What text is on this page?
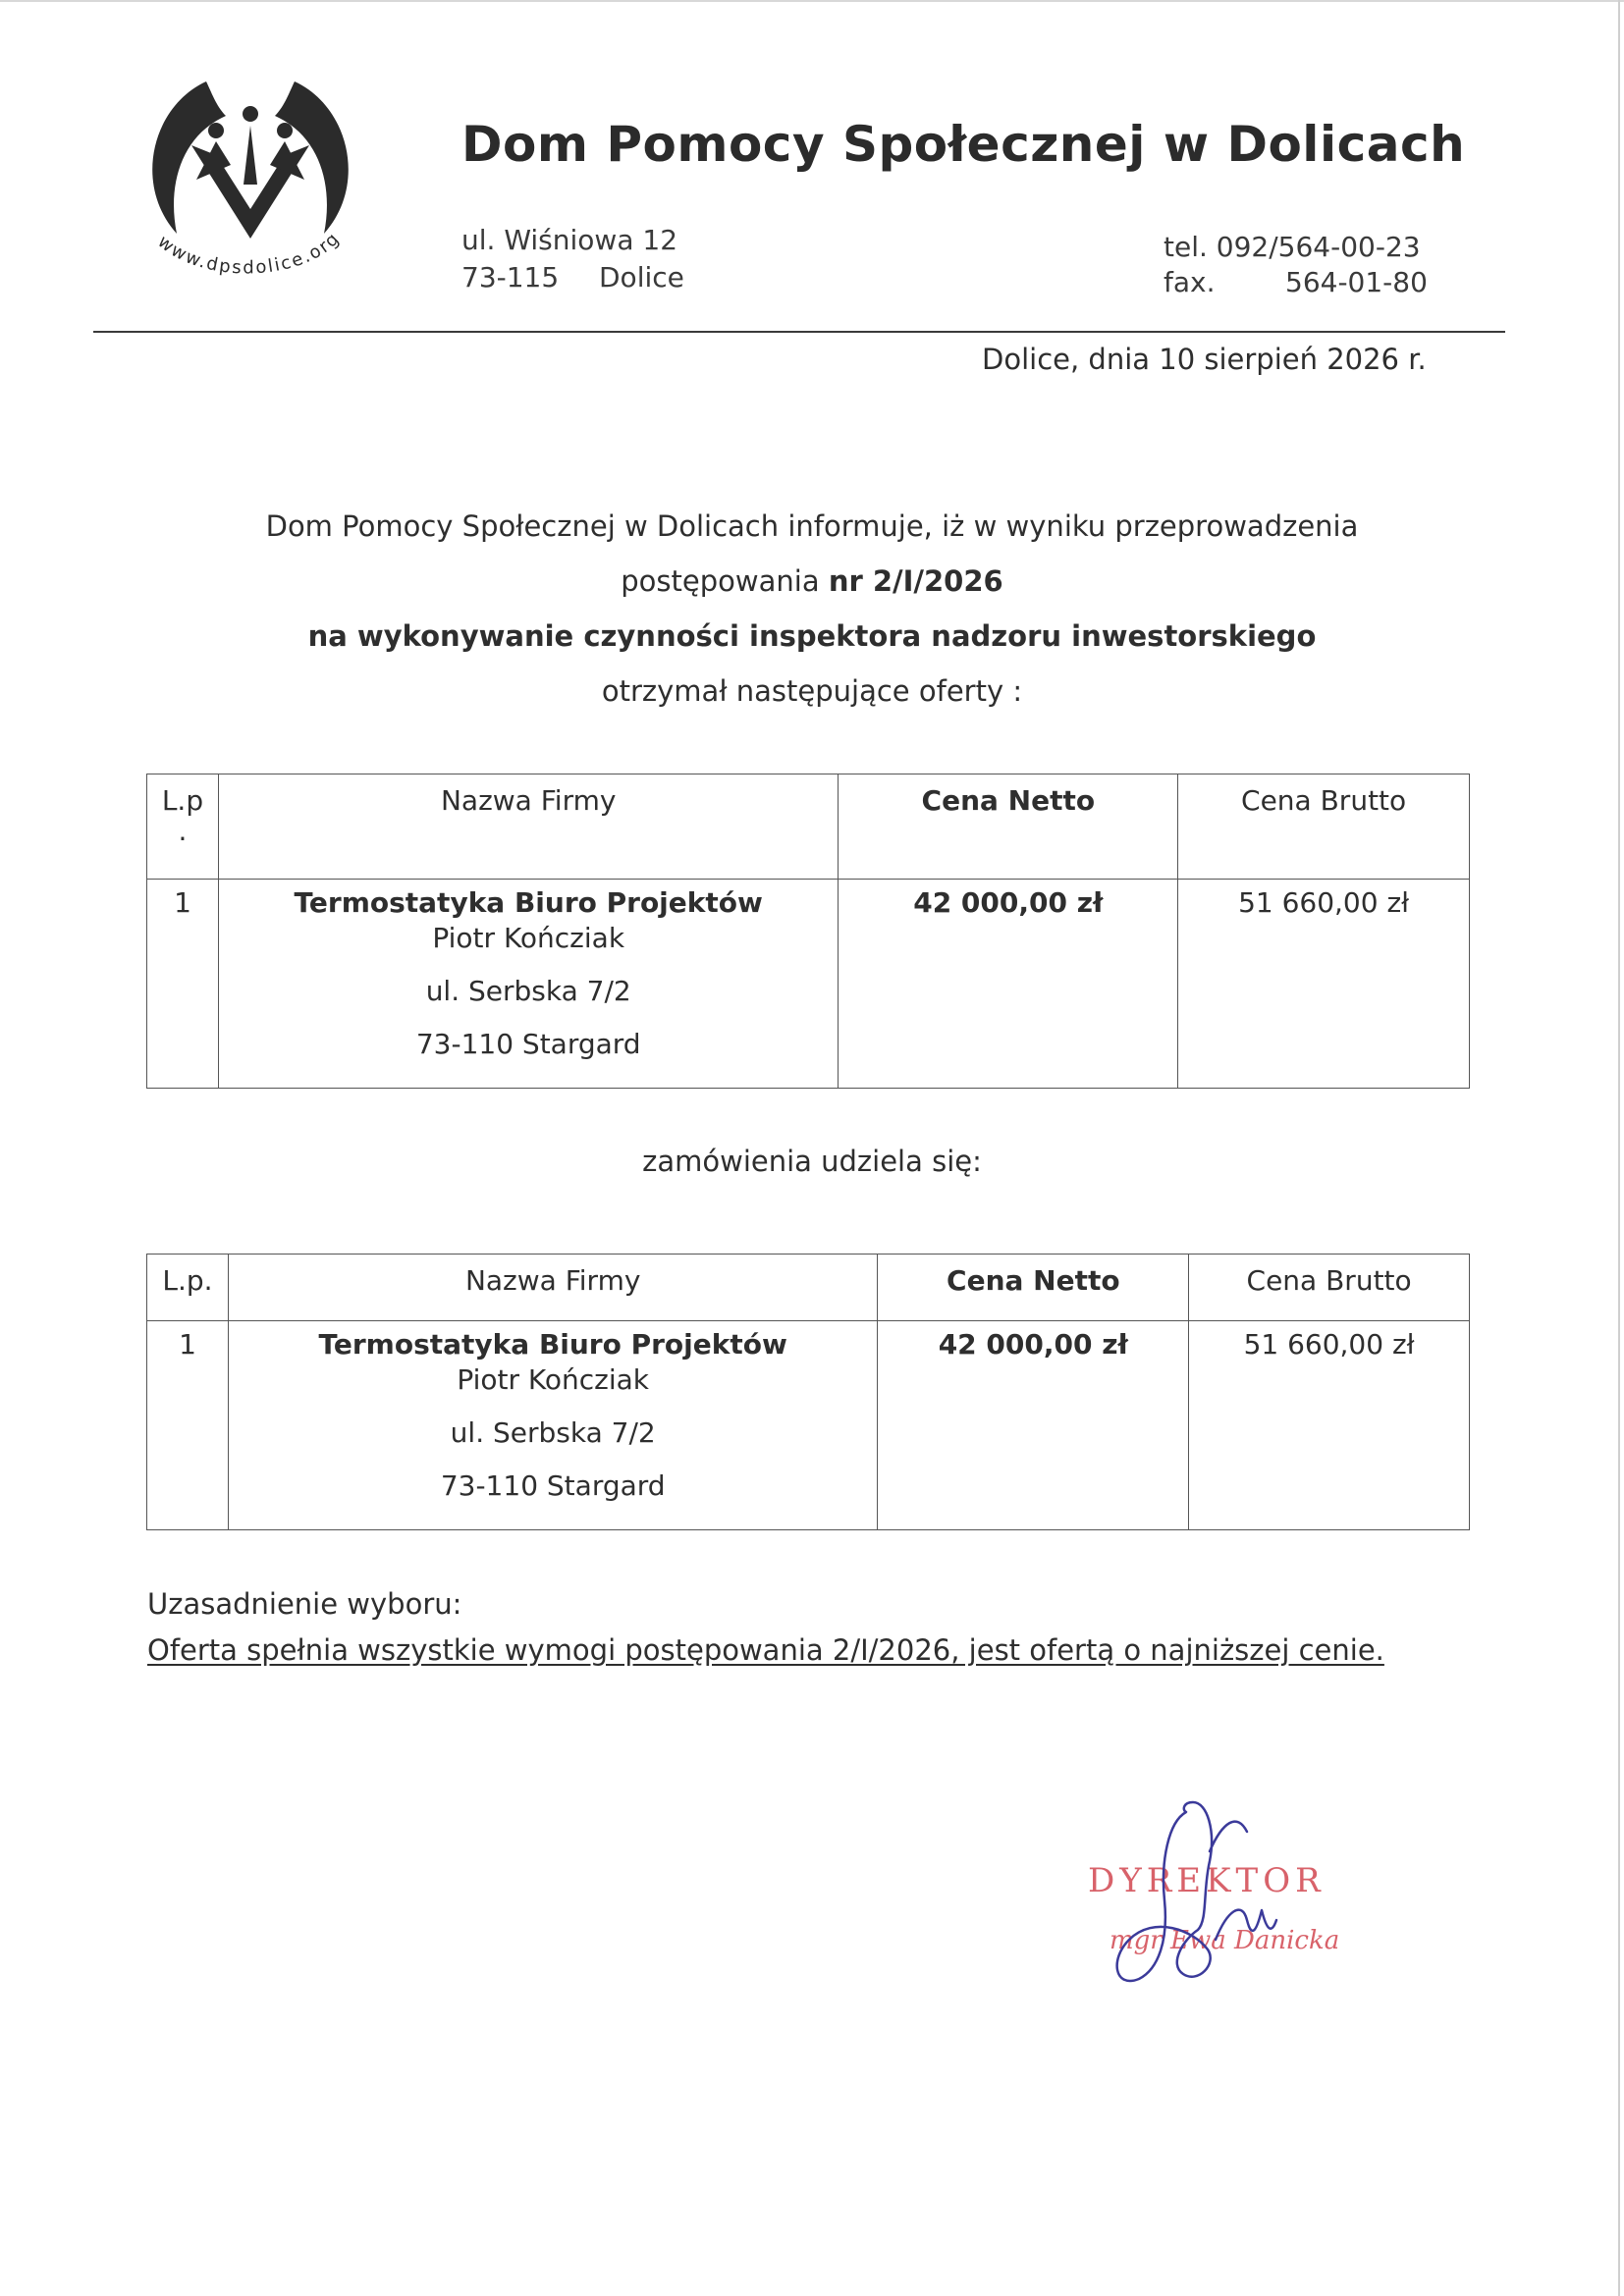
www.dpsdolice.org
Dom Pomocy Społecznej w Dolicach
ul. Wiśniowa 12
73-115 Dolice
tel. 092/564-00-23
fax.	564-01-80
Dolice, dnia 10 sierpień 2026 r.
Dom Pomocy Społecznej w Dolicach informuje, iż w wyniku przeprowadzenia
postępowania nr 2/I/2026
na wykonywanie czynności inspektora nadzoru inwestorskiego
otrzymał następujące oferty :
L.p
.	Nazwa Firmy	Cena Netto	Cena Brutto
1	Termostatyka Biuro Projektów
Piotr Kończiak
ul. Serbska 7/2
73-110 Stargard	42 000,00 zł	51 660,00 zł
zamówienia udziela się:
L.p.	Nazwa Firmy	Cena Netto	Cena Brutto
1	Termostatyka Biuro Projektów
Piotr Kończiak
ul. Serbska 7/2
73-110 Stargard	42 000,00 zł	51 660,00 zł
Uzasadnienie wyboru:
Oferta spełnia wszystkie wymogi postępowania 2/I/2026, jest ofertą o najniższej cenie.
DYREKTOR
mgr Ewa Danicka
